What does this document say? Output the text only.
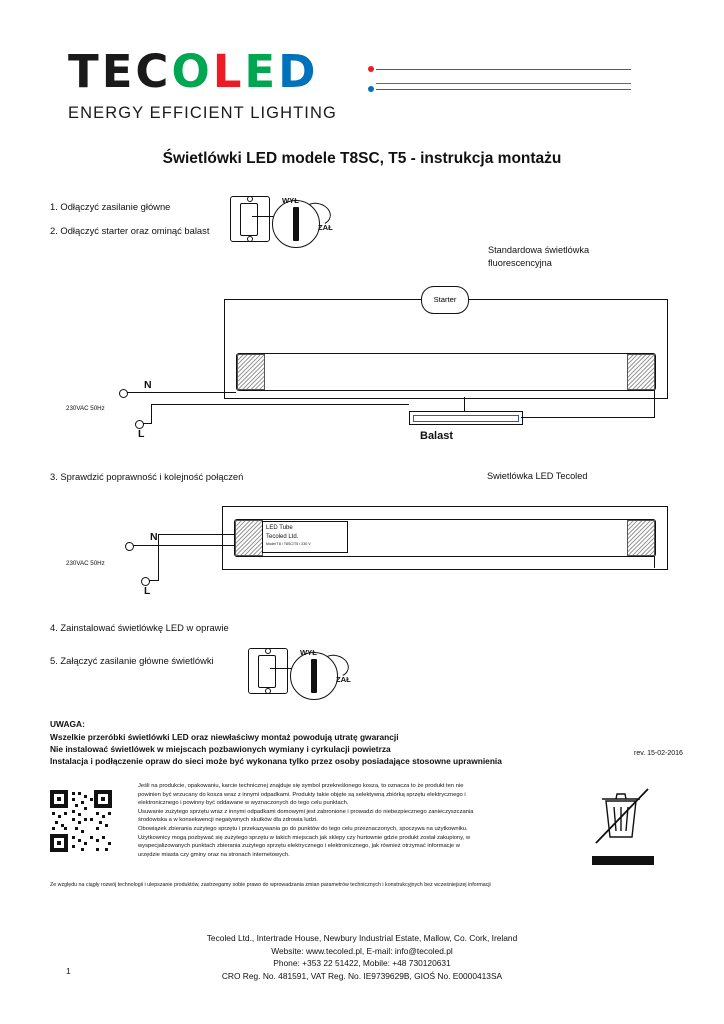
TECOLED
ENERGY EFFICIENT LIGHTING
Świetlówki LED modele T8SC, T5 - instrukcja montażu
1. Odłączyć zasilanie główne
2. Odłączyć starter oraz ominąć balast
WYŁ
ZAŁ
Standardowa świetlówka
fluorescencyjna
Starter
N
L
230VAC 50Hz
Balast
3. Sprawdzić poprawność i kolejność połączeń	Swietlówka LED Tecoled
LED Tube
Tecoled Ltd.
Model T8 / T8SC/T5 / 230 V
N
L
230VAC 50Hz
4. Zainstalować świetlówkę LED w oprawie
5. Załączyć zasilanie główne świetlówki
WYŁ
ZAŁ
UWAGA:
Wszelkie przeróbki świetlówki LED oraz niewłaściwy montaż powodują utratę gwarancji
Nie instalować świetlówek w miejscach pozbawionych wymiany i cyrkulacji powietrza
Instalacja i podłączenie opraw do sieci może być wykonana tylko przez osoby posiadające stosowne uprawnienia
rev. 15-02-2016

Jeśli na produkcie, opakowaniu, karcie technicznej znajduje się symbol przekreślonego kosza, to oznacza to że produkt ten nie

powinien być wrzucany do kosza wraz z innymi odpadkami. Produkty takie objęte są selektywną zbiórką sprzętu elektrycznego i

elektronicznego i powinny być oddawane w wyznaczonych do tego celu punktach.

Usuwanie zużytego sprzętu wraz z innymi odpadkami domowymi jest zabronione i prowadzi do niebezpiecznego zanieczyszczania

środowiska a w konsekwencji negatywnych skutków dla zdrowia ludzi.

Obowiązek zbierania zużytego sprzętu i przekazywania go do punktów do tego celu przeznaczonych, spoczywa na użytkowniku.

Użytkownicy mogą pozbywać się zużytego sprzętu w takich miejscach jak sklepy czy hurtownie gdzie produkt został zakupiony, w

wyspecjalizowanych punktach zbierania zużytego sprzętu elektrycznego i elektronicznego, jak również otrzymać informacje w

urzędzie miasta czy gminy oraz na stronach internetowych.

Ze względu na ciągły rozwój technologii i ulepszanie produktów, zastrzegamy sobie prawo do wprowadzania zmian parametrów technicznych i konstrukcyjnych bez wcześniejszej informacji
Tecoled Ltd., Intertrade House, Newbury Industrial Estate, Mallow, Co. Cork, Ireland
Website: www.tecoled.pl, E-mail: info@tecoled.pl
Phone: +353 22 51422, Mobile: +48 730120631
CRO Reg. No. 481591, VAT Reg. No. IE9739629B, GIOŚ No. E0000413SA
1
